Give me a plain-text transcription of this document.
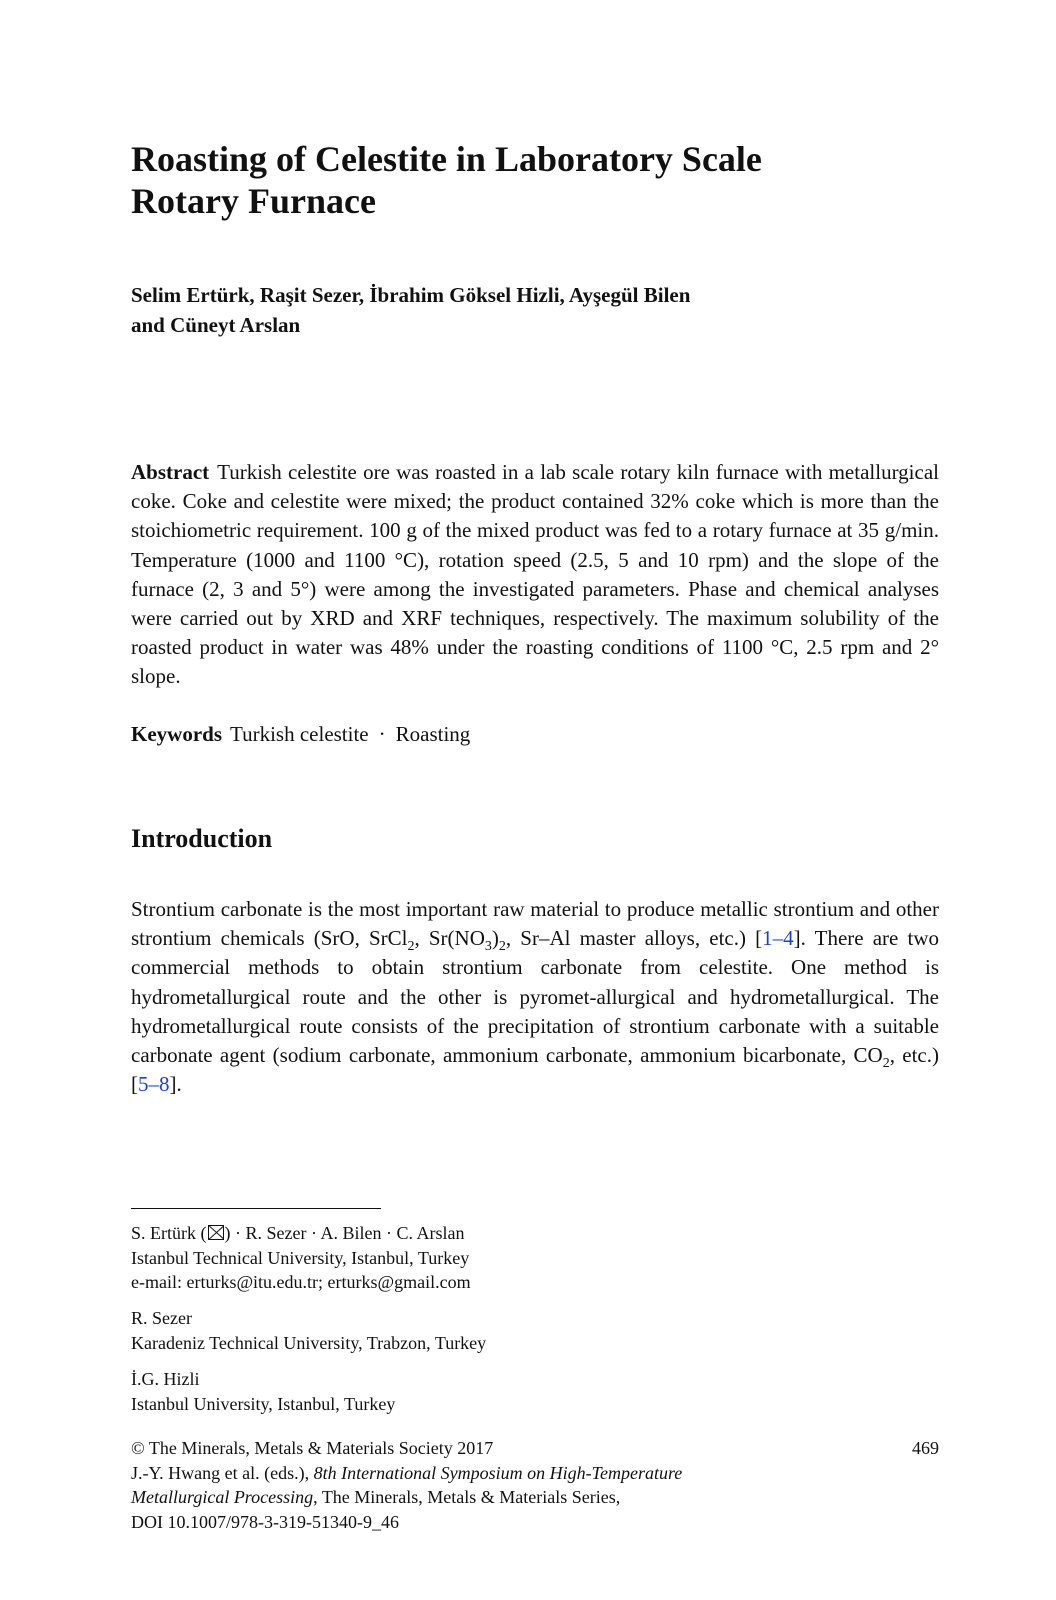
Roasting of Celestite in Laboratory Scale
Rotary Furnace
Selim Ertürk, Raşit Sezer, İbrahim Göksel Hizli, Ayşegül Bilen
and Cüneyt Arslan
Abstract Turkish celestite ore was roasted in a lab scale rotary kiln furnace with metallurgical coke. Coke and celestite were mixed; the product contained 32% coke which is more than the stoichiometric requirement. 100 g of the mixed product was fed to a rotary furnace at 35 g/min. Temperature (1000 and 1100 °C), rotation speed (2.5, 5 and 10 rpm) and the slope of the furnace (2, 3 and 5°) were among the investigated parameters. Phase and chemical analyses were carried out by XRD and XRF techniques, respectively. The maximum solubility of the roasted product in water was 48% under the roasting conditions of 1100 °C, 2.5 rpm and 2° slope.
Keywords Turkish celestite · Roasting
Introduction
Strontium carbonate is the most important raw material to produce metallic strontium and other strontium chemicals (SrO, SrCl$_2$, $Sr(NO_3)_2$, Sr–Al master alloys, etc.) [1–4]. There are two commercial methods to obtain strontium carbonate from celestite. One method is hydrometallurgical route and the other is pyromet-allurgical and hydrometallurgical. The hydrometallurgical route consists of the precipitation of strontium carbonate with a suitable carbonate agent (sodium carbonate, ammonium carbonate, ammonium bicarbonate, $CO_2$, etc.) [5–8].
S. Ertürk ( ) · R. Sezer · A. Bilen · C. Arslan
Istanbul Technical University, Istanbul, Turkey
e-mail: erturks@itu.edu.tr; erturks@gmail.com
R. Sezer
Karadeniz Technical University, Trabzon, Turkey
İ.G. Hizli
Istanbul University, Istanbul, Turkey
© The Minerals, Metals & Materials Society 2017
J.-Y. Hwang et al. (eds.), 8th International Symposium on High-Temperature
Metallurgical Processing, The Minerals, Metals & Materials Series,
DOI 10.1007/978-3-319-51340-9_46
469
